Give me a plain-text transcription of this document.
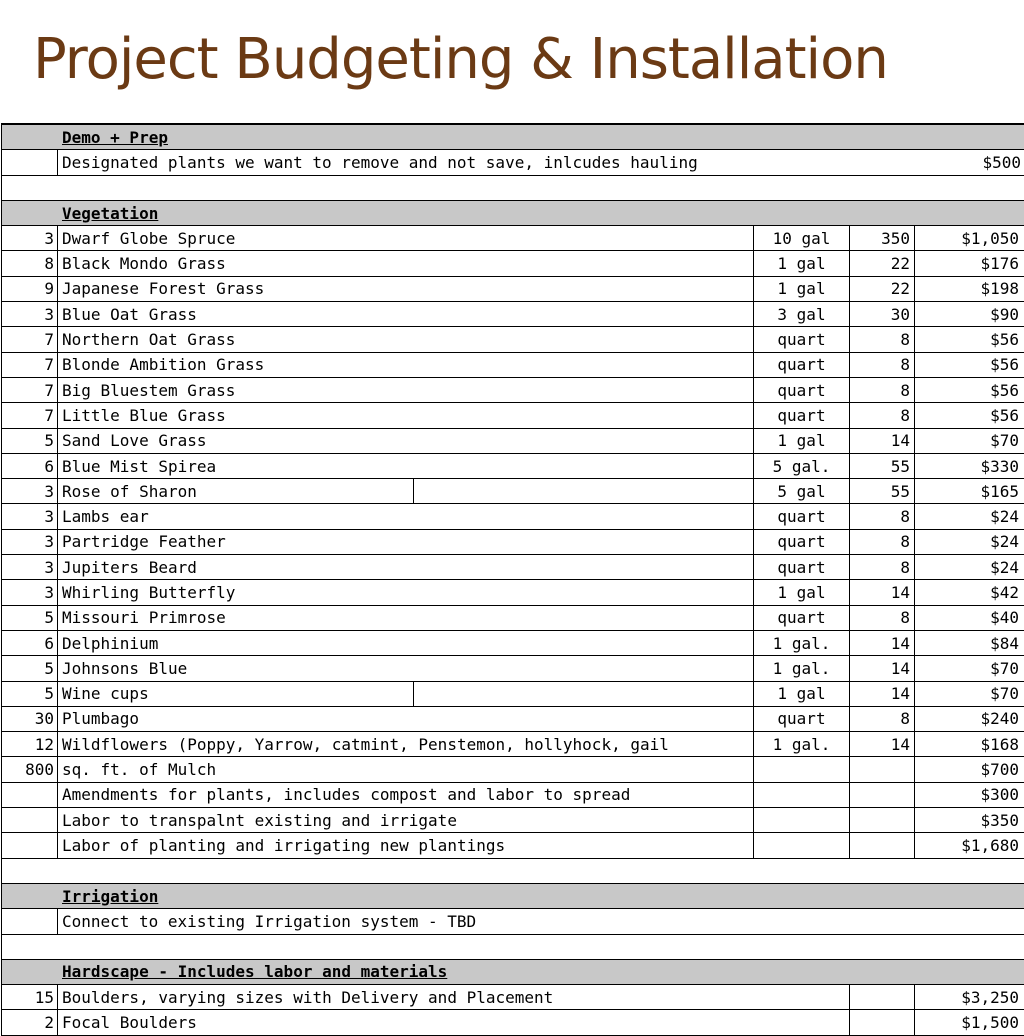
Project Budgeting & Installation
Demo + Prep
Designated plants we want to remove and not save, inlcudes hauling	$500
Vegetation
3 Dwarf Globe Spruce	10 gal	350	$1,050
8 Black Mondo Grass	1 gal	22	$176
9 Japanese Forest Grass	1 gal	22	$198
3 Blue Oat Grass	3 gal	30	$90
7 Northern Oat Grass	quart	8	$56
7 Blonde Ambition Grass	quart	8	$56
7 Big Bluestem Grass	quart	8	$56
7 Little Blue Grass	quart	8	$56
5 Sand Love Grass	1 gal	14	$70
6 Blue Mist Spirea	5 gal.	55	$330
3 Rose of Sharon	5 gal	55	$165
3 Lambs ear	quart	8	$24
3 Partridge Feather	quart	8	$24
3 Jupiters Beard	quart	8	$24
3 Whirling Butterfly	1 gal	14	$42
5 Missouri Primrose	quart	8	$40
6 Delphinium	1 gal.	14	$84
5 Johnsons Blue	1 gal.	14	$70
5 Wine cups	1 gal	14	$70
30 Plumbago	quart	8	$240
12 Wildflowers (Poppy, Yarrow, catmint, Penstemon, hollyhock, gail	1 gal.	14	$168
800 sq. ft. of Mulch	$700
Amendments for plants, includes compost and labor to spread	$300
Labor to transpalnt existing and irrigate	$350
Labor of planting and irrigating new plantings	$1,680
Irrigation
Connect to existing Irrigation system - TBD
Hardscape - Includes labor and materials
15 Boulders, varying sizes with Delivery and Placement	$3,250
2 Focal Boulders	$1,500
